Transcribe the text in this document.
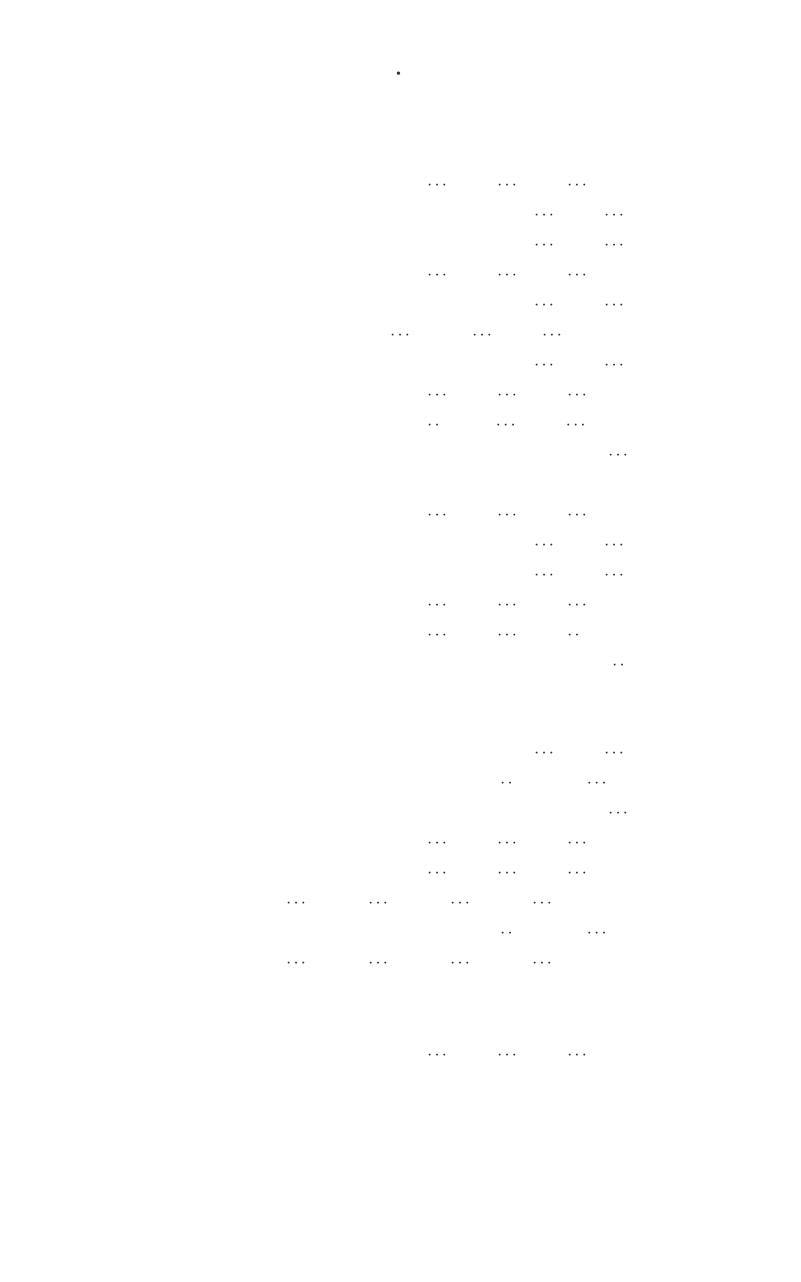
•
···        ···        ···
···        ···
···        ···
···        ···        ···
···        ···
···          ···        ···
···        ···
···        ···        ···
··         ···        ···
···
···        ···        ···
···        ···
···        ···
···        ···        ···
···        ···        ··
··
···        ···
··            ···
···
···        ···        ···
···        ···        ···
···          ···          ···          ···
··            ···
···          ···          ···          ···
···        ···        ···
